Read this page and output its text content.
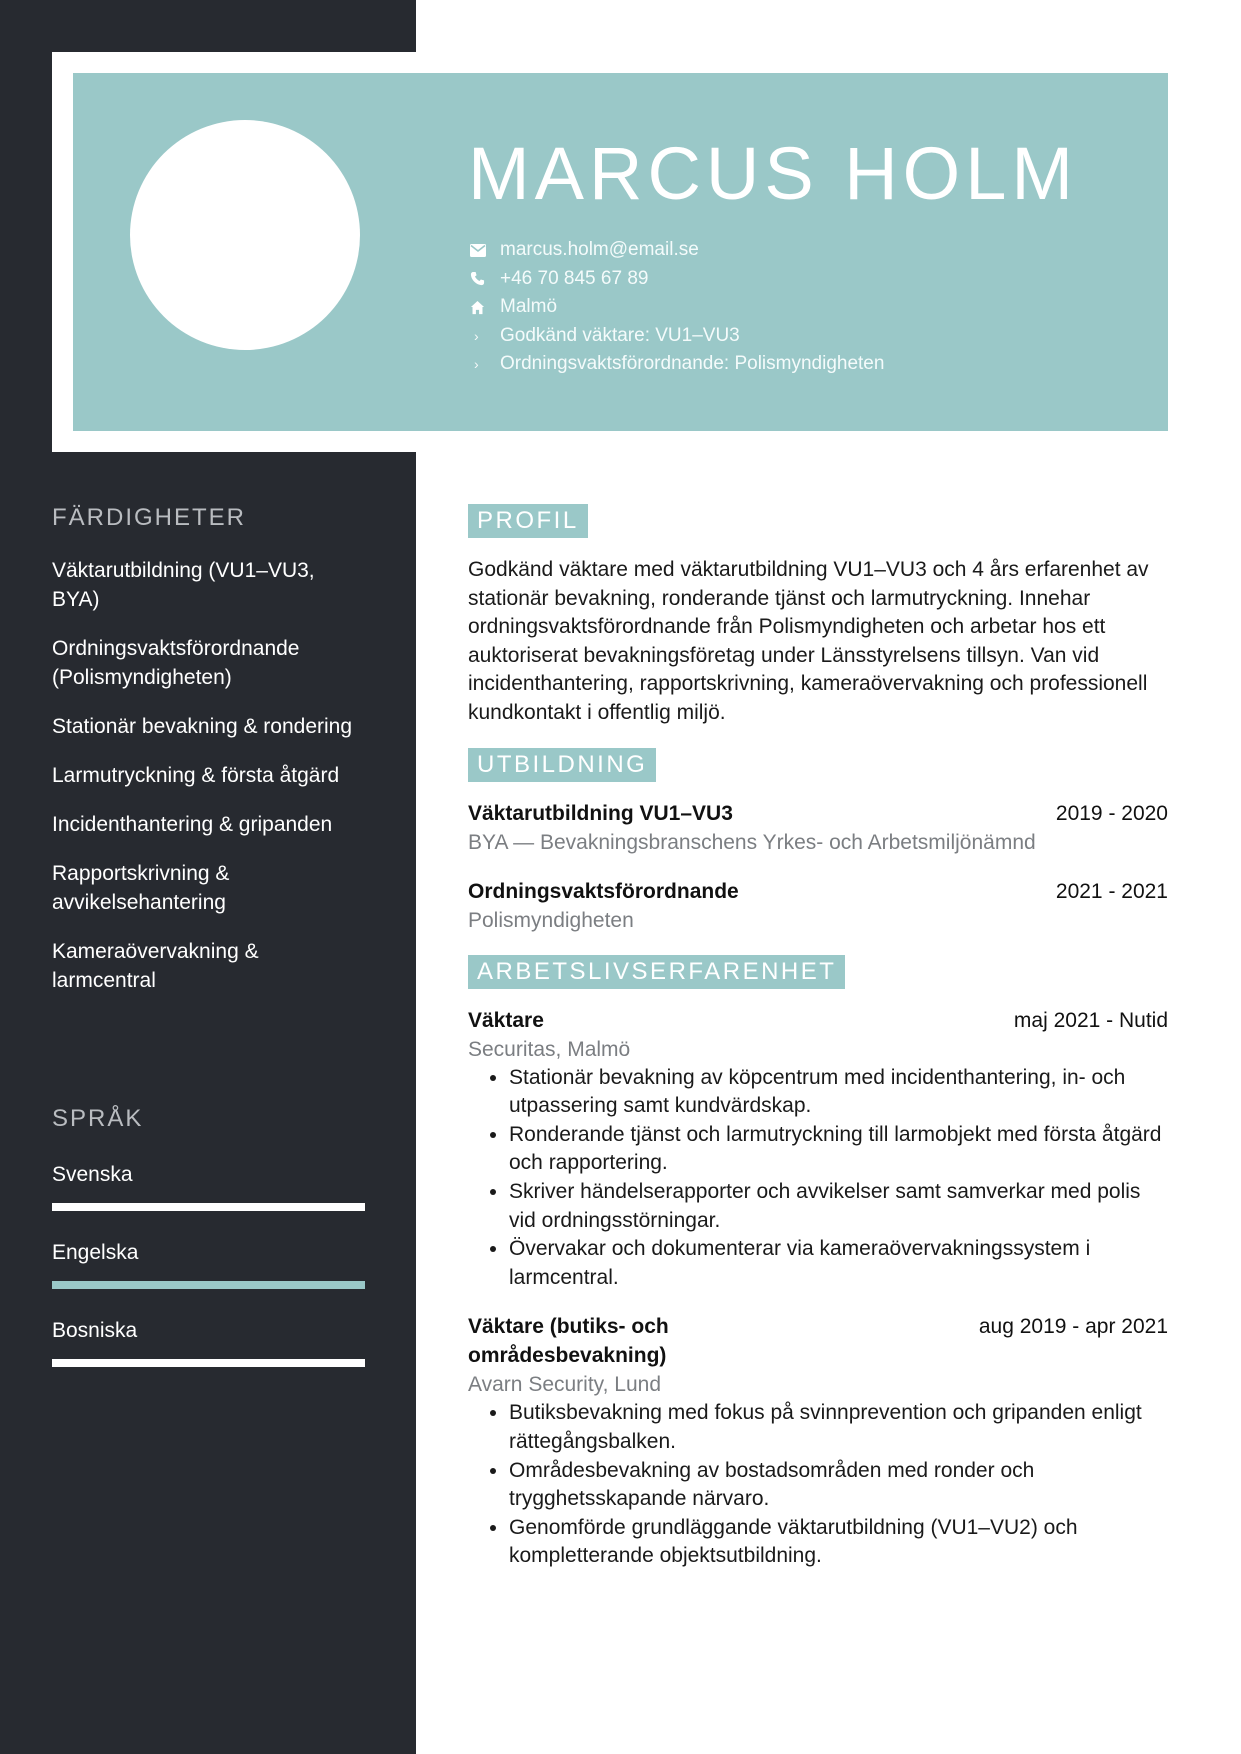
MARCUS HOLM
marcus.holm@email.se
+46 70 845 67 89
Malmö
›	Godkänd väktare: VU1–VU3
›	Ordningsvaktsförordnande: Polismyndigheten
FÄRDIGHETER
Väktarutbildning (VU1–VU3, BYA)
Ordningsvaktsförordnande (Polismyndigheten)
Stationär bevakning & rondering
Larmutryckning & första åtgärd
Incidenthantering & gripanden
Rapportskrivning & avvikelsehantering
Kameraövervakning & larmcentral
SPRÅK
Svenska
Engelska
Bosniska
PROFIL

Godkänd väktare med väktarutbildning VU1–VU3 och 4 års erfarenhet av stationär bevakning, ronderande tjänst och larmutryckning. Innehar ordningsvaktsförordnande från Polismyndigheten och arbetar hos ett auktoriserat bevakningsföretag under Länsstyrelsens tillsyn. Van vid incidenthantering, rapportskrivning, kameraövervakning och professionell kundkontakt i offentlig miljö.

UTBILDNING
Väktarutbildning VU1–VU3	2019 - 2020
BYA — Bevakningsbranschens Yrkes- och Arbetsmiljönämnd
Ordningsvaktsförordnande	2021 - 2021
Polismyndigheten
ARBETSLIVSERFARENHET
Väktare	maj 2021 - Nutid
Securitas, Malmö
• Stationär bevakning av köpcentrum med incidenthantering, in- och utpassering samt kundvärdskap.
• Ronderande tjänst och larmutryckning till larmobjekt med första åtgärd och rapportering.
• Skriver händelserapporter och avvikelser samt samverkar med polis vid ordningsstörningar.
• Övervakar och dokumenterar via kameraövervakningssystem i larmcentral.
Väktare (butiks- och områdesbevakning)
aug 2019 - apr 2021
Avarn Security, Lund
• Butiksbevakning med fokus på svinnprevention och gripanden enligt rättegångsbalken.
• Områdesbevakning av bostadsområden med ronder och trygghetsskapande närvaro.
• Genomförde grundläggande väktarutbildning (VU1–VU2) och kompletterande objektsutbildning.
